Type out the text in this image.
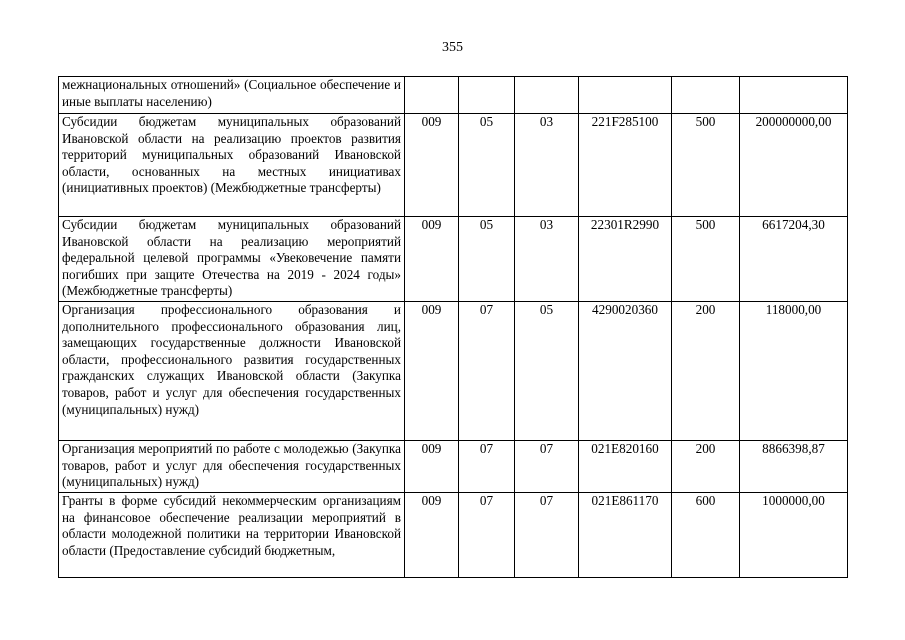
355
межнациональных отношений» (Социальное обеспечение и иные выплаты населению)						
Субсидии бюджетам муниципальных образований Ивановской области на реализацию проектов развития территорий муниципальных образований Ивановской области, основанных на местных инициативах (инициативных проектов) (Межбюджетные трансферты)	009	05	03	221F285100	500	200000000,00
Субсидии бюджетам муниципальных образований Ивановской области на реализацию мероприятий федеральной целевой программы «Увековечение памяти погибших при защите Отечества на 2019 - 2024 годы» (Межбюджетные трансферты)	009	05	03	22301R2990	500	6617204,30
Организация профессионального образования и дополнительного профессионального образования лиц, замещающих государственные должности Ивановской области, профессионального развития государственных гражданских служащих Ивановской области (Закупка товаров, работ и услуг для обеспечения государственных (муниципальных) нужд)	009	07	05	4290020360	200	118000,00
Организация мероприятий по работе с молодежью (Закупка товаров, работ и услуг для обеспечения государственных (муниципальных) нужд)	009	07	07	021E820160	200	8866398,87
Гранты в форме субсидий некоммерческим организациям на финансовое обеспечение реализации мероприятий в области молодежной политики на территории Ивановской области (Предоставление субсидий бюджетным,	009	07	07	021E861170	600	1000000,00
